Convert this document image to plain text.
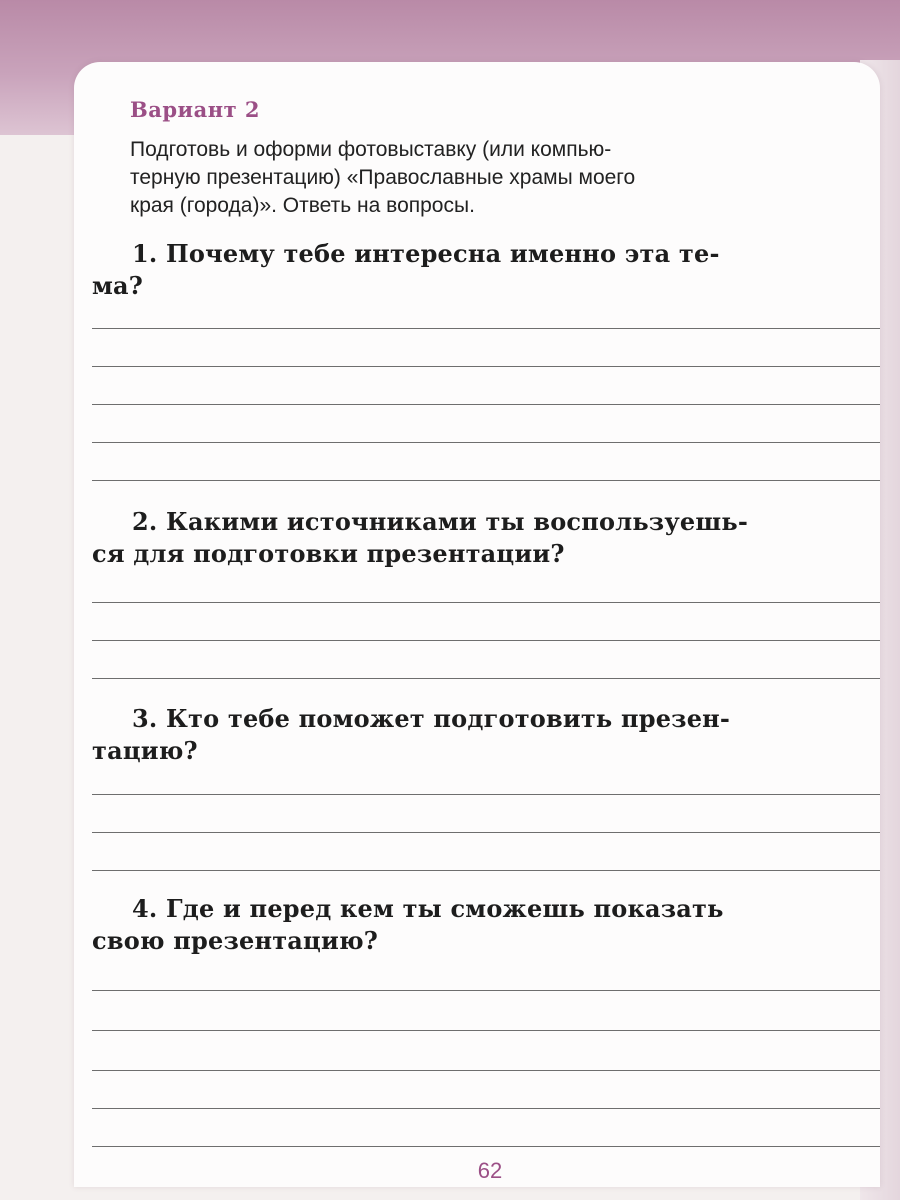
Вариант 2
Подготовь и оформи фотовыставку (или компью-
терную презентацию) «Православные храмы моего
края (города)». Ответь на вопросы.
1. Почему тебе интересна именно эта те-
ма?
2. Какими источниками ты воспользуешь-
ся для подготовки презентации?
3. Кто тебе поможет подготовить презен-
тацию?
4. Где и перед кем ты сможешь показать
свою презентацию?
62
